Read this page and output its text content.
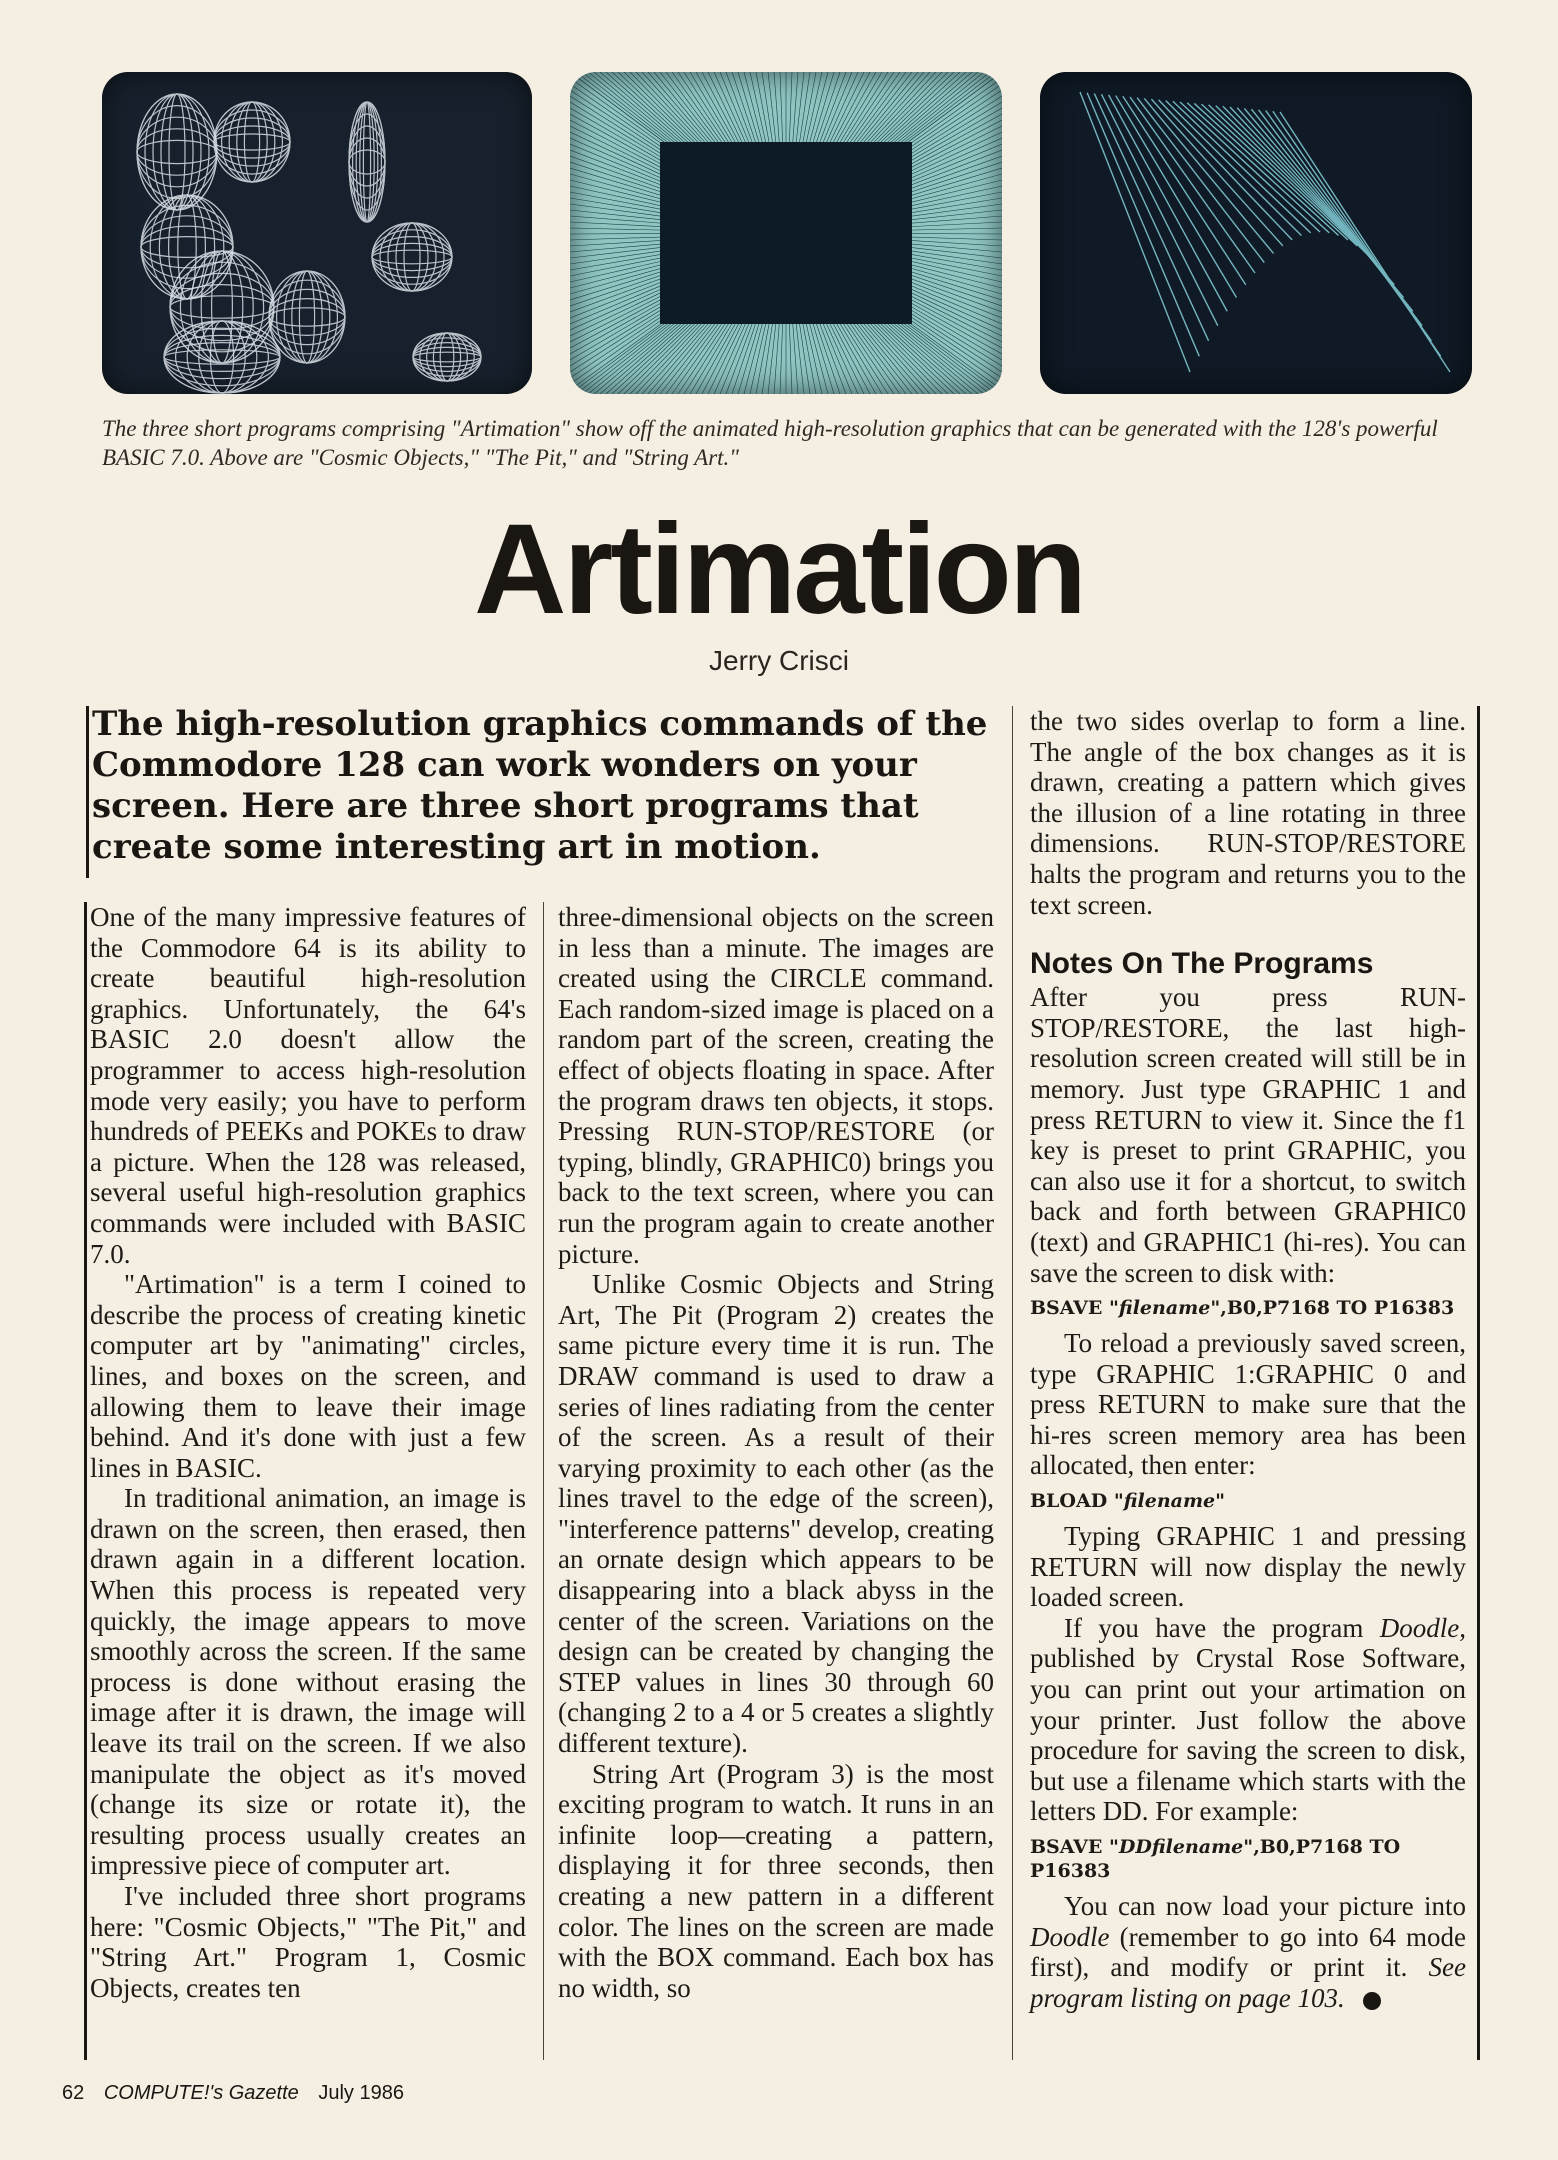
The three short programs comprising "Artimation" show off the animated high-resolution graphics that can be generated with the 128's powerful BASIC 7.0. Above are "Cosmic Objects," "The Pit," and "String Art."
Artimation
Jerry Crisci
The high-resolution graphics commands of the Commodore 128 can work wonders on your screen. Here are three short programs that create some interesting art in motion.

One of the many impressive features of the Commodore 64 is its ability to create beautiful high-resolution graphics. Unfortunately, the 64's BASIC 2.0 doesn't allow the programmer to access high-resolution mode very easily; you have to perform hundreds of PEEKs and POKEs to draw a picture. When the 128 was released, several useful high-resolution graphics commands were included with BASIC 7.0.

"Artimation" is a term I coined to describe the process of creating kinetic computer art by "animating" circles, lines, and boxes on the screen, and allowing them to leave their image behind. And it's done with just a few lines in BASIC.

In traditional animation, an image is drawn on the screen, then erased, then drawn again in a different location. When this process is repeated very quickly, the image appears to move smoothly across the screen. If the same process is done without erasing the image after it is drawn, the image will leave its trail on the screen. If we also manipulate the object as it's moved (change its size or rotate it), the resulting process usually creates an impressive piece of computer art.

I've included three short programs here: "Cosmic Objects," "The Pit," and "String Art." Program 1, Cosmic Objects, creates ten

three-dimensional objects on the screen in less than a minute. The images are created using the CIRCLE command. Each random-sized image is placed on a random part of the screen, creating the effect of objects floating in space. After the program draws ten objects, it stops. Pressing RUN-STOP/RESTORE (or typing, blindly, GRAPHIC0) brings you back to the text screen, where you can run the program again to create another picture.

Unlike Cosmic Objects and String Art, The Pit (Program 2) creates the same picture every time it is run. The DRAW command is used to draw a series of lines radiating from the center of the screen. As a result of their varying proximity to each other (as the lines travel to the edge of the screen), "interference patterns" develop, creating an ornate design which appears to be disappearing into a black abyss in the center of the screen. Variations on the design can be created by changing the STEP values in lines 30 through 60 (changing 2 to a 4 or 5 creates a slightly different texture).

String Art (Program 3) is the most exciting program to watch. It runs in an infinite loop—creating a pattern, displaying it for three seconds, then creating a new pattern in a different color. The lines on the screen are made with the BOX command. Each box has no width, so

the two sides overlap to form a line. The angle of the box changes as it is drawn, creating a pattern which gives the illusion of a line rotating in three dimensions. RUN-STOP/RESTORE halts the program and returns you to the text screen.

Notes On The Programs

After you press RUN-STOP/RESTORE, the last high-resolution screen created will still be in memory. Just type GRAPHIC 1 and press RETURN to view it. Since the f1 key is preset to print GRAPHIC, you can also use it for a shortcut, to switch back and forth between GRAPHIC0 (text) and GRAPHIC1 (hi-res). You can save the screen to disk with:

BSAVE "filename",B0,P7168 TO P16383

To reload a previously saved screen, type GRAPHIC 1:GRAPHIC 0 and press RETURN to make sure that the hi-res screen memory area has been allocated, then enter:

BLOAD "filename"

Typing GRAPHIC 1 and pressing RETURN will now display the newly loaded screen.

If you have the program Doodle, published by Crystal Rose Software, you can print out your artimation on your printer. Just follow the above procedure for saving the screen to disk, but use a filename which starts with the letters DD. For example:

BSAVE "DDfilename",B0,P7168 TO P16383

You can now load your picture into Doodle (remember to go into 64 mode first), and modify or print it. See program listing on page 103.

62 COMPUTE!'s Gazette July 1986
